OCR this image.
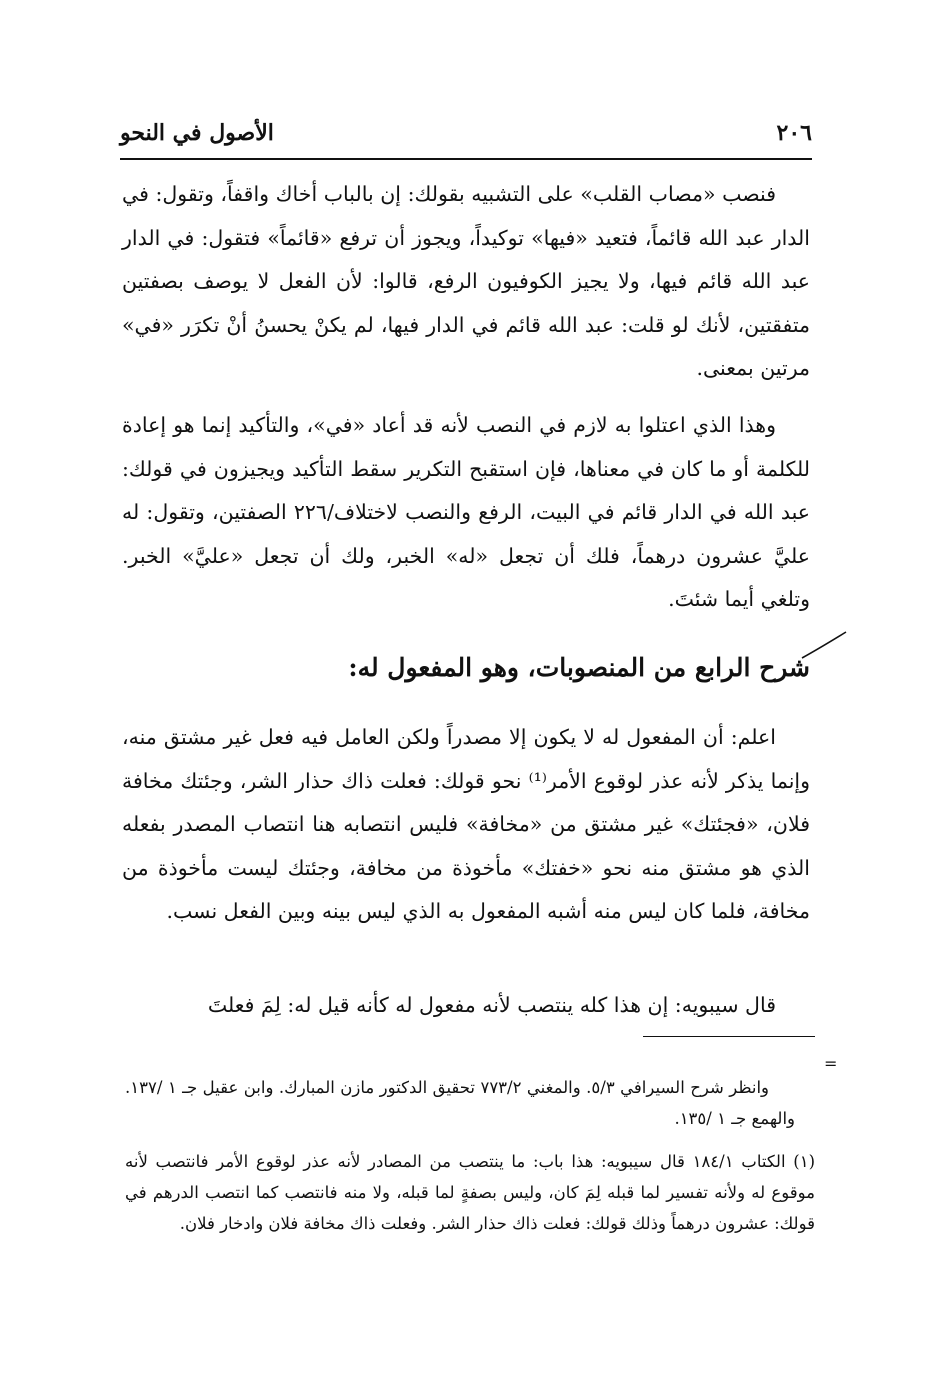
٢٠٦
الأصول في النحو

فنصب «مصاب القلب» على التشبيه بقولك: إن بالباب أخاك واقفاً، وتقول: في الدار عبد الله قائماً، فتعيد «فيها» توكيداً، ويجوز أن ترفع «قائماً» فتقول: في الدار عبد الله قائم فيها، ولا يجيز الكوفيون الرفع، قالوا: لأن الفعل لا يوصف بصفتين متفقتين، لأنك لو قلت: عبد الله قائم في الدار فيها، لم يكنْ يحسنُ أنْ تكرَر «في» مرتين بمعنى.

وهذا الذي اعتلوا به لازم في النصب لأنه قد أعاد «في»، والتأكيد إنما هو إعادة للكلمة أو ما كان في معناها، فإن استقبح التكرير سقط التأكيد ويجيزون في قولك: عبد الله في الدار قائم في البيت، الرفع والنصب لاختلاف/٢٢٦ الصفتين، وتقول: له عليَّ عشرون درهماً، فلك أن تجعل «له» الخبر، ولك أن تجعل «عليَّ» الخبر. وتلغي أيما شئتَ.

شرح الرابع من المنصوبات، وهو المفعول له:

اعلم: أن المفعول له لا يكون إلا مصدراً ولكن العامل فيه فعل غير مشتق منه، وإنما يذكر لأنه عذر لوقوع الأمر⁽¹⁾ نحو قولك: فعلت ذاك حذار الشر، وجئتك مخافة فلان، «فجئتك» غير مشتق من «مخافة» فليس انتصابه هنا انتصاب المصدر بفعله الذي هو مشتق منه نحو «خفتك» مأخوذة من مخافة، وجئتك ليست مأخوذة من مخافة، فلما كان ليس منه أشبه المفعول به الذي ليس بينه وبين الفعل نسب.

قال سيبويه: إن هذا كله ينتصب لأنه مفعول له كأنه قيل له: لِمَ فعلتَ

=
وانظر شرح السيرافي ٥/٣. والمغني ٧٧٣/٢ تحقيق الدكتور مازن المبارك. وابن عقيل جـ ١ /١٣٧. والهمع جـ ١ /١٣٥.
(١) الكتاب ١٨٤/١ قال سيبويه: هذا باب: ما ينتصب من المصادر لأنه عذر لوقوع الأمر فانتصب لأنه موقوع له ولأنه تفسير لما قبله لِمَ كان، وليس بصفةٍ لما قبله، ولا منه فانتصب كما انتصب الدرهم في قولك: عشرون درهماً وذلك قولك: فعلت ذاك حذار الشر. وفعلت ذاك مخافة فلان وادخار فلان.
